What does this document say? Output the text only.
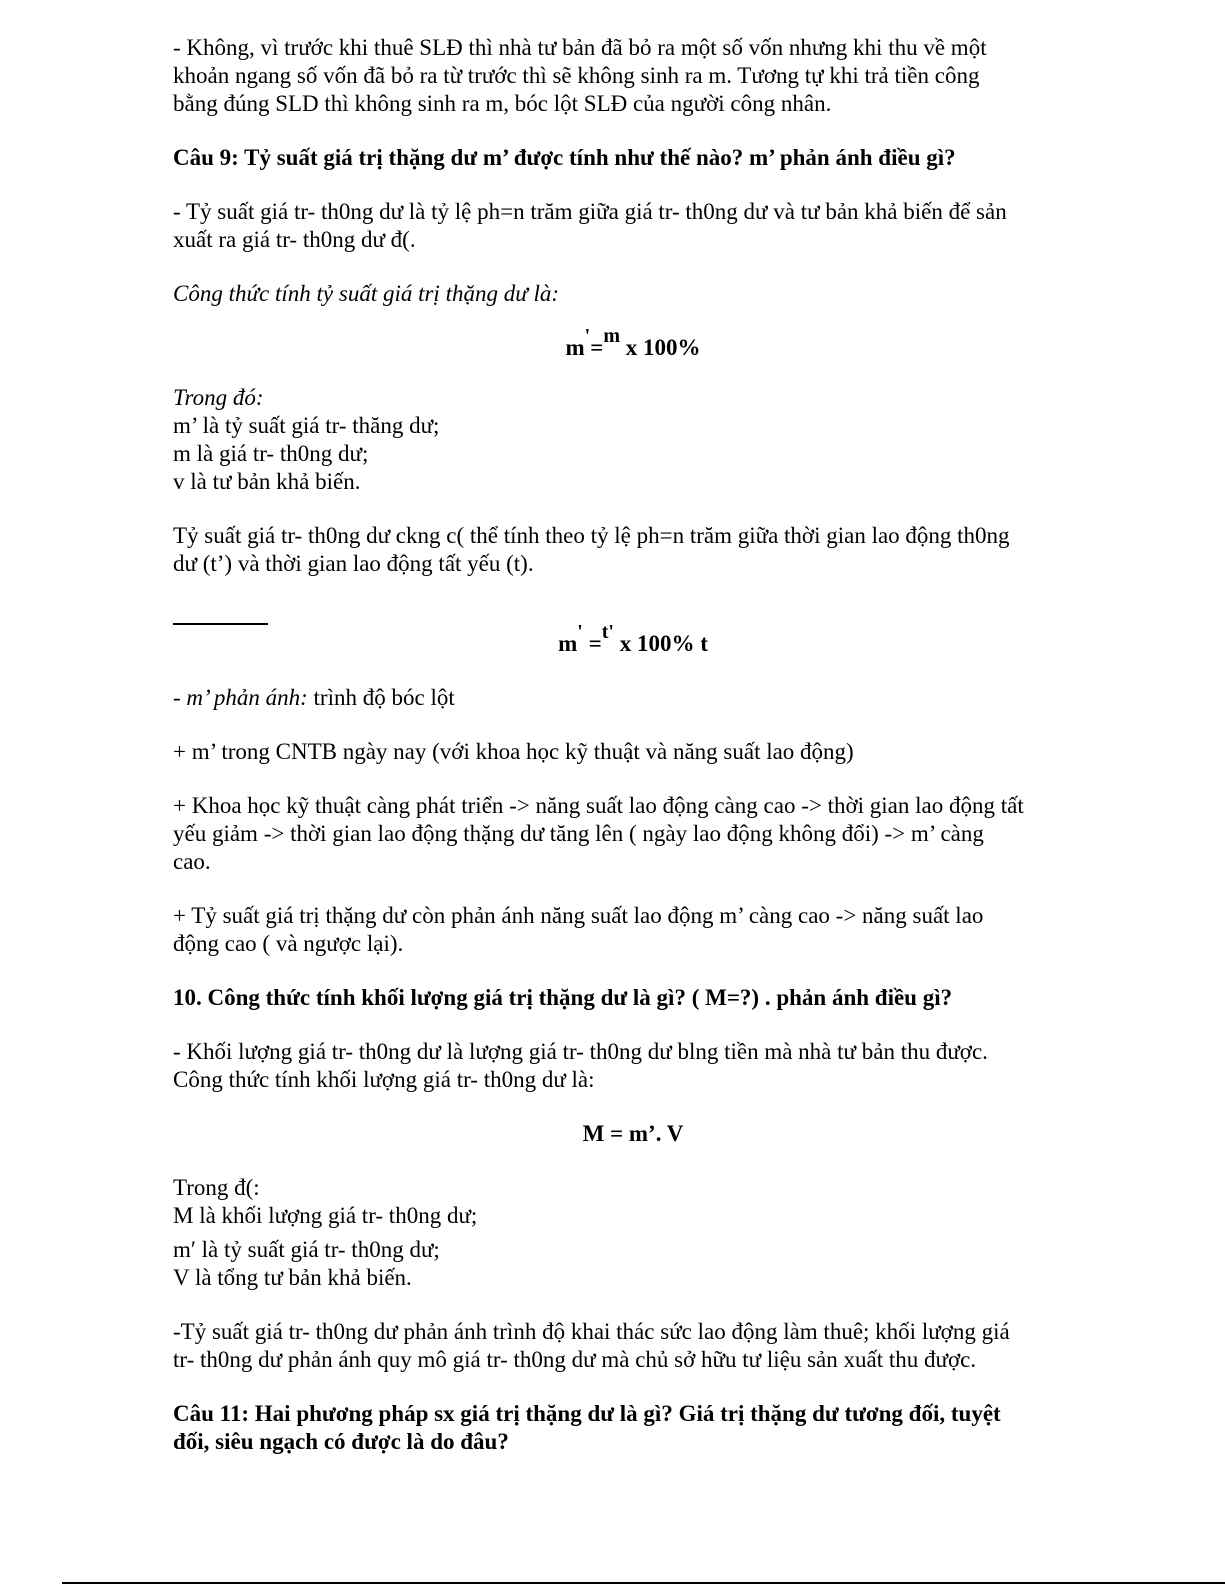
- Không, vì trước khi thuê SLĐ thì nhà tư bản đã bỏ ra một số vốn nhưng khi thu về một

khoản ngang số vốn đã bỏ ra từ trước thì sẽ không sinh ra m. Tương tự khi trả tiền công

bằng đúng SLD thì không sinh ra m, bóc lột SLĐ của người công nhân.

Câu 9: Tỷ suất giá trị thặng dư m’ được tính như thế nào? m’ phản ánh điều gì?

- Tỷ suất giá tr- th0ng dư là tỷ lệ ph=n trăm giữa giá tr- th0ng dư và tư bản khả biến để sản

xuất ra giá tr- th0ng dư đ(.

Công thức tính tỷ suất giá trị thặng dư là:

m'=$^m$ x 100%

Trong đó:

m’ là tỷ suất giá tr- thăng dư;

m là giá tr- th0ng dư;

v là tư bản khả biến.

Tỷ suất giá tr- th0ng dư ckng c( thể tính theo tỷ lệ ph=n trăm giữa thời gian lao động th0ng

dư (t’) và thời gian lao động tất yếu (t).

m' =$^{t'}$ x 100% t

- m’ phản ánh: trình độ bóc lột

+ m’ trong CNTB ngày nay (với khoa học kỹ thuật và năng suất lao động)

+ Khoa học kỹ thuật càng phát triển -> năng suất lao động càng cao -> thời gian lao động tất

yếu giảm -> thời gian lao động thặng dư tăng lên ( ngày lao động không đổi) -> m’ càng

cao.

+ Tỷ suất giá trị thặng dư còn phản ánh năng suất lao động m’ càng cao -> năng suất lao

động cao ( và ngược lại).

10. Công thức tính khối lượng giá trị thặng dư là gì? ( M=?) . phản ánh điều gì?

- Khối lượng giá tr- th0ng dư là lượng giá tr- th0ng dư blng tiền mà nhà tư bản thu được.

Công thức tính khối lượng giá tr- th0ng dư là:

M = m’. V

Trong đ(:

M là khối lượng giá tr- th0ng dư;

m′ là tỷ suất giá tr- th0ng dư;

V là tổng tư bản khả biến.

-Tỷ suất giá tr- th0ng dư phản ánh trình độ khai thác sức lao động làm thuê; khối lượng giá

tr- th0ng dư phản ánh quy mô giá tr- th0ng dư mà chủ sở hữu tư liệu sản xuất thu được.

Câu 11: Hai phương pháp sx giá trị thặng dư là gì? Giá trị thặng dư tương đối, tuyệt

đối, siêu ngạch có được là do đâu?
